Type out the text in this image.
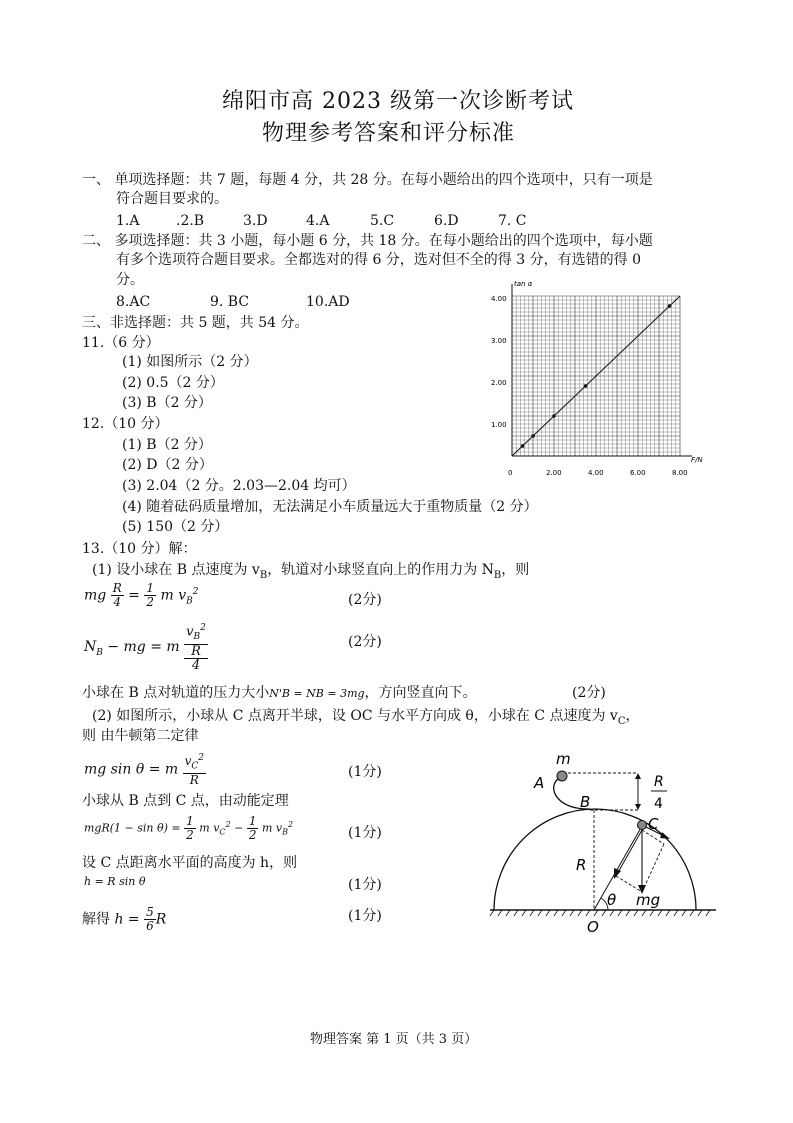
绵阳市高 2023 级第一次诊断考试
物理参考答案和评分标准
一、 单项选择题：共 7 题，每题 4 分，共 28 分。在每小题给出的四个选项中，只有一项是
符合题目要求的。
1.A	.2.B	3.D	4.A	5.C	6.D	7. C
二、 多项选择题：共 3 小题，每小题 6 分，共 18 分。在每小题给出的四个选项中，每小题
有多个选项符合题目要求。全都选对的得 6 分，选对但不全的得 3 分，有选错的得 0
分。
8.AC	9. BC	10.AD
三、非选择题：共 5 题，共 54 分。
11.（6 分）
(1) 如图所示（2 分）
(2) 0.5（2 分）
(3) B（2 分）
12.（10 分）
(1) B（2 分）
(2) D（2 分）
(3) 2.04（2 分。2.03—2.04 均可）
(4) 随着砝码质量增加，无法满足小车质量远大于重物质量（2 分）
(5) 150（2 分）
tan α
F/N
4.00
3.00
2.00
1.00
0	2.00	4.00	6.00	8.00
13.（10 分）解：
(1) 设小球在 B 点速度为 $v_B$，轨道对小球竖直向上的作用力为 $N_B$，则
mg $\frac{R}{4} = \frac{1}{2}$ m $v_B^2$
(2分)
$N_B$ − mg = m
$v_B^2$
R
4
(2分)
小球在 B 点对轨道的压力大小N'B = NB = 3mg，方向竖直向下。	(2分)
(2) 如图所示，小球从 C 点离开半球，设 OC 与水平方向成 θ，小球在 C 点速度为 $v_C$，
则 由牛顿第二定律
mg sin θ = m $\frac{v_C^2}{R}$	(1分)
小球从 B 点到 C 点，由动能定理
$mgR(1 - \sin \theta) = \frac{1}{2}$ m $v_C^2 - \frac{1}{2}$ m $v_B^2$
(1分)
设 C 点距离水平面的高度为 h，则
h = R sin θ	(1分)
解得 $h = \frac{5}{6}$ R	(1分)
m
A
B
C
R
θ mg
O
R
4
物理答案 第 1 页（共 3 页）
